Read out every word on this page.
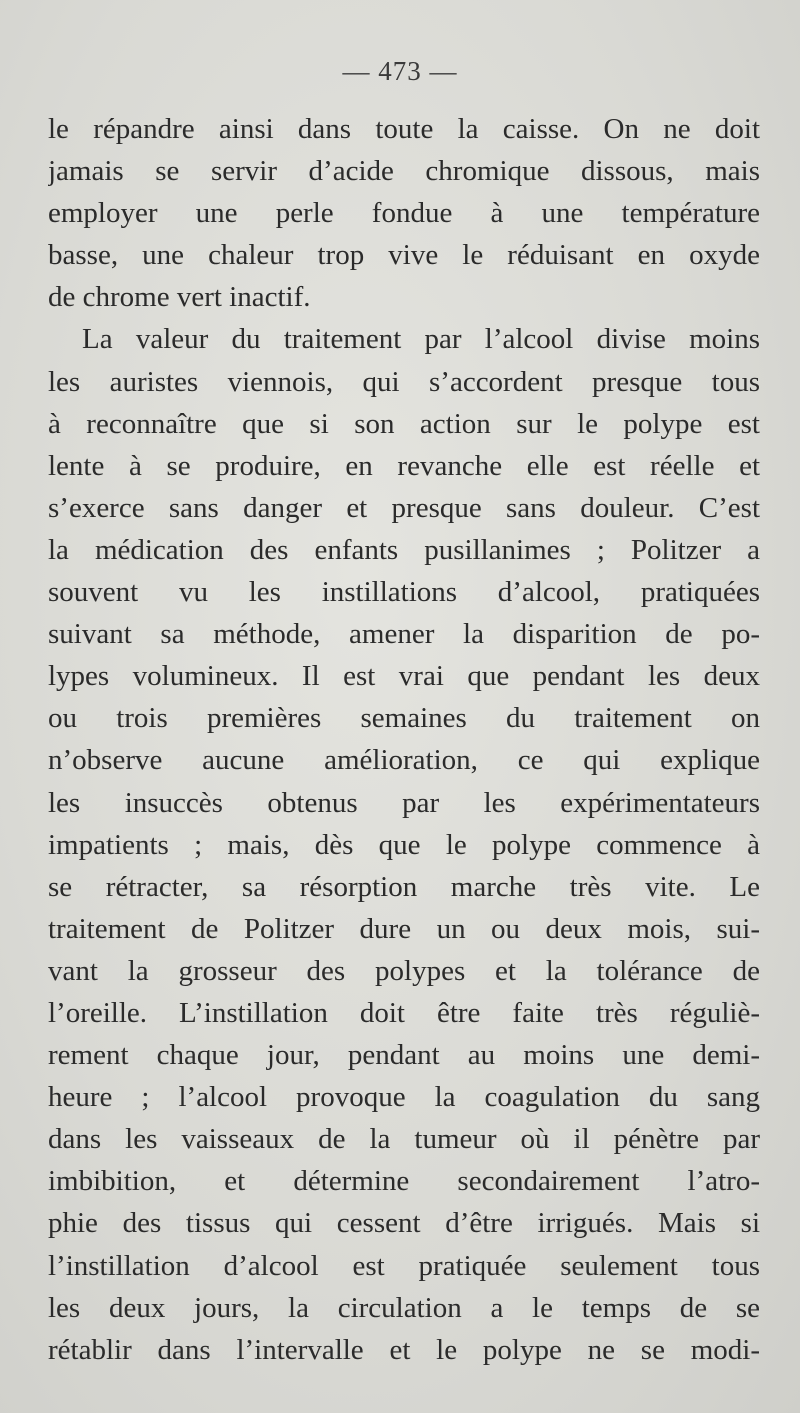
— 473 —
le répandre ainsi dans toute la caisse. On ne doit
jamais se servir d’acide chromique dissous, mais
employer une perle fondue à une température
basse, une chaleur trop vive le réduisant en oxyde
de chrome vert inactif.
La valeur du traitement par l’alcool divise moins
les auristes viennois, qui s’accordent presque tous
à reconnaître que si son action sur le polype est
lente à se produire, en revanche elle est réelle et
s’exerce sans danger et presque sans douleur. C’est
la médication des enfants pusillanimes ; Politzer a
souvent vu les instillations d’alcool, pratiquées
suivant sa méthode, amener la disparition de po-
lypes volumineux. Il est vrai que pendant les deux
ou trois premières semaines du traitement on
n’observe aucune amélioration, ce qui explique
les insuccès obtenus par les expérimentateurs
impatients ; mais, dès que le polype commence à
se rétracter, sa résorption marche très vite. Le
traitement de Politzer dure un ou deux mois, sui-
vant la grosseur des polypes et la tolérance de
l’oreille. L’instillation doit être faite très réguliè-
rement chaque jour, pendant au moins une demi-
heure ; l’alcool provoque la coagulation du sang
dans les vaisseaux de la tumeur où il pénètre par
imbibition, et détermine secondairement l’atro-
phie des tissus qui cessent d’être irrigués. Mais si
l’instillation d’alcool est pratiquée seulement tous
les deux jours, la circulation a le temps de se
rétablir dans l’intervalle et le polype ne se modi-
